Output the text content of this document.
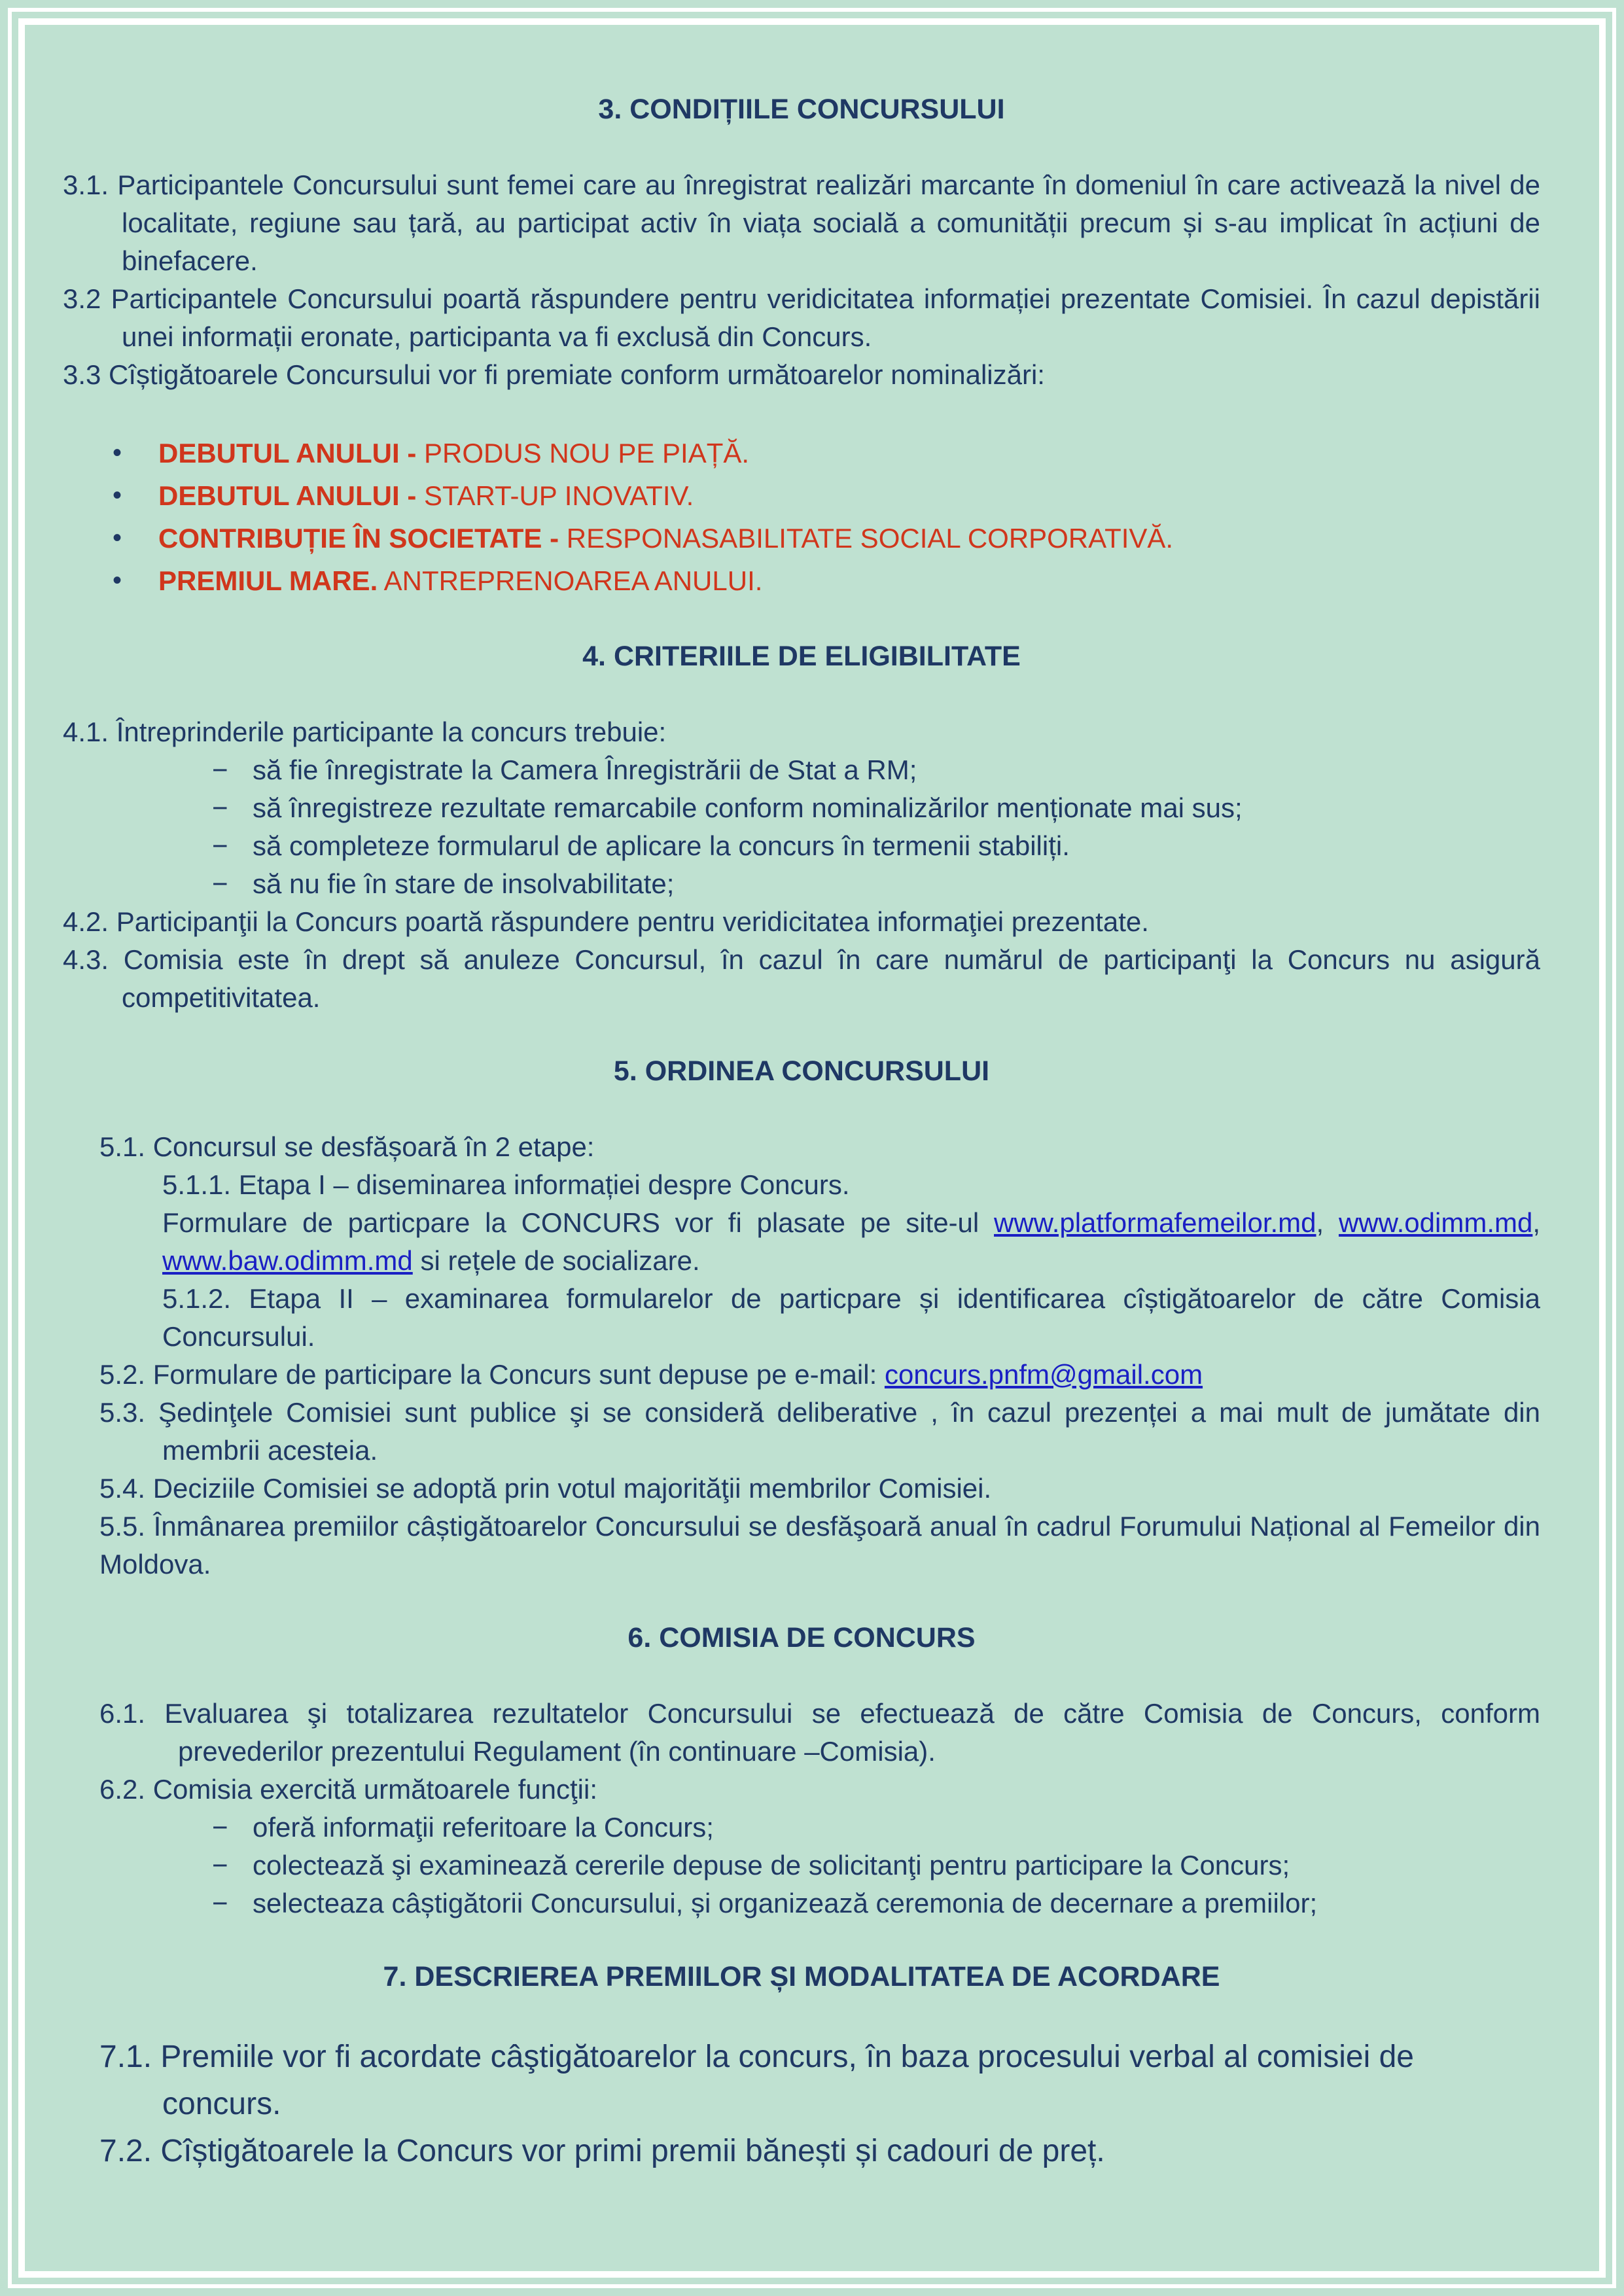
3. CONDIȚIILE CONCURSULUI

3.1. Participantele Concursului sunt femei care au înregistrat realizări marcante în domeniul în care activează la nivel de localitate, regiune sau țară, au participat activ în viața socială a comunității precum și s-au implicat în acțiuni de binefacere.

3.2 Participantele Concursului poartă răspundere pentru veridicitatea informației prezentate Comisiei. În cazul depistării unei informații eronate, participanta va fi exclusă din Concurs.

3.3 Cîștigătoarele Concursului vor fi premiate conform următoarelor nominalizări:

• DEBUTUL ANULUI - PRODUS NOU PE PIAȚĂ.
• DEBUTUL ANULUI - START-UP INOVATIV.
• CONTRIBUȚIE ÎN SOCIETATE - RESPONASABILITATE SOCIAL CORPORATIVĂ.
• PREMIUL MARE. ANTREPRENOAREA ANULUI.
4. CRITERIILE DE ELIGIBILITATE

4.1. Întreprinderile participante la concurs trebuie:

− să fie înregistrate la Camera Înregistrării de Stat a RM;
− să înregistreze rezultate remarcabile conform nominalizărilor menționate mai sus;
− să completeze formularul de aplicare la concurs în termenii stabiliți.
− să nu fie în stare de insolvabilitate;

4.2. Participanţii la Concurs poartă răspundere pentru veridicitatea informaţiei prezentate.

4.3. Comisia este în drept să anuleze Concursul, în cazul în care numărul de participanţi la Concurs nu asigură competitivitatea.

5. ORDINEA CONCURSULUI

5.1. Concursul se desfășoară în 2 etape:

5.1.1. Etapa I – diseminarea informației despre Concurs.

Formulare de particpare la CONCURS vor fi plasate pe site-ul www.platformafemeilor.md, www.odimm.md, www.baw.odimm.md si rețele de socializare.

5.1.2. Etapa II – examinarea formularelor de particpare și identificarea cîștigătoarelor de către Comisia Concursului.

5.2. Formulare de participare la Concurs sunt depuse pe e-mail: concurs.pnfm@gmail.com

5.3. Şedinţele Comisiei sunt publice şi se consideră deliberative , în cazul prezenței a mai mult de jumătate din membrii acesteia.

5.4. Deciziile Comisiei se adoptă prin votul majorităţii membrilor Comisiei.

5.5. Înmânarea premiilor câștigătoarelor Concursului se desfăşoară anual în cadrul Forumului Național al Femeilor din Moldova.

6. COMISIA DE CONCURS

6.1. Evaluarea şi totalizarea rezultatelor Concursului se efectuează de către Comisia de Concurs, conform prevederilor prezentului Regulament (în continuare –Comisia).

6.2. Comisia exercită următoarele funcţii:

− oferă informaţii referitoare la Concurs;
− colectează şi examinează cererile depuse de solicitanţi pentru participare la Concurs;
− selecteaza câștigătorii Concursului, și organizează ceremonia de decernare a premiilor;
7. DESCRIEREA PREMIILOR ȘI MODALITATEA DE ACORDARE

7.1. Premiile vor fi acordate câştigătoarelor la concurs, în baza procesului verbal al comisiei de concurs.

7.2. Cîștigătoarele la Concurs vor primi premii bănești și cadouri de preț.
